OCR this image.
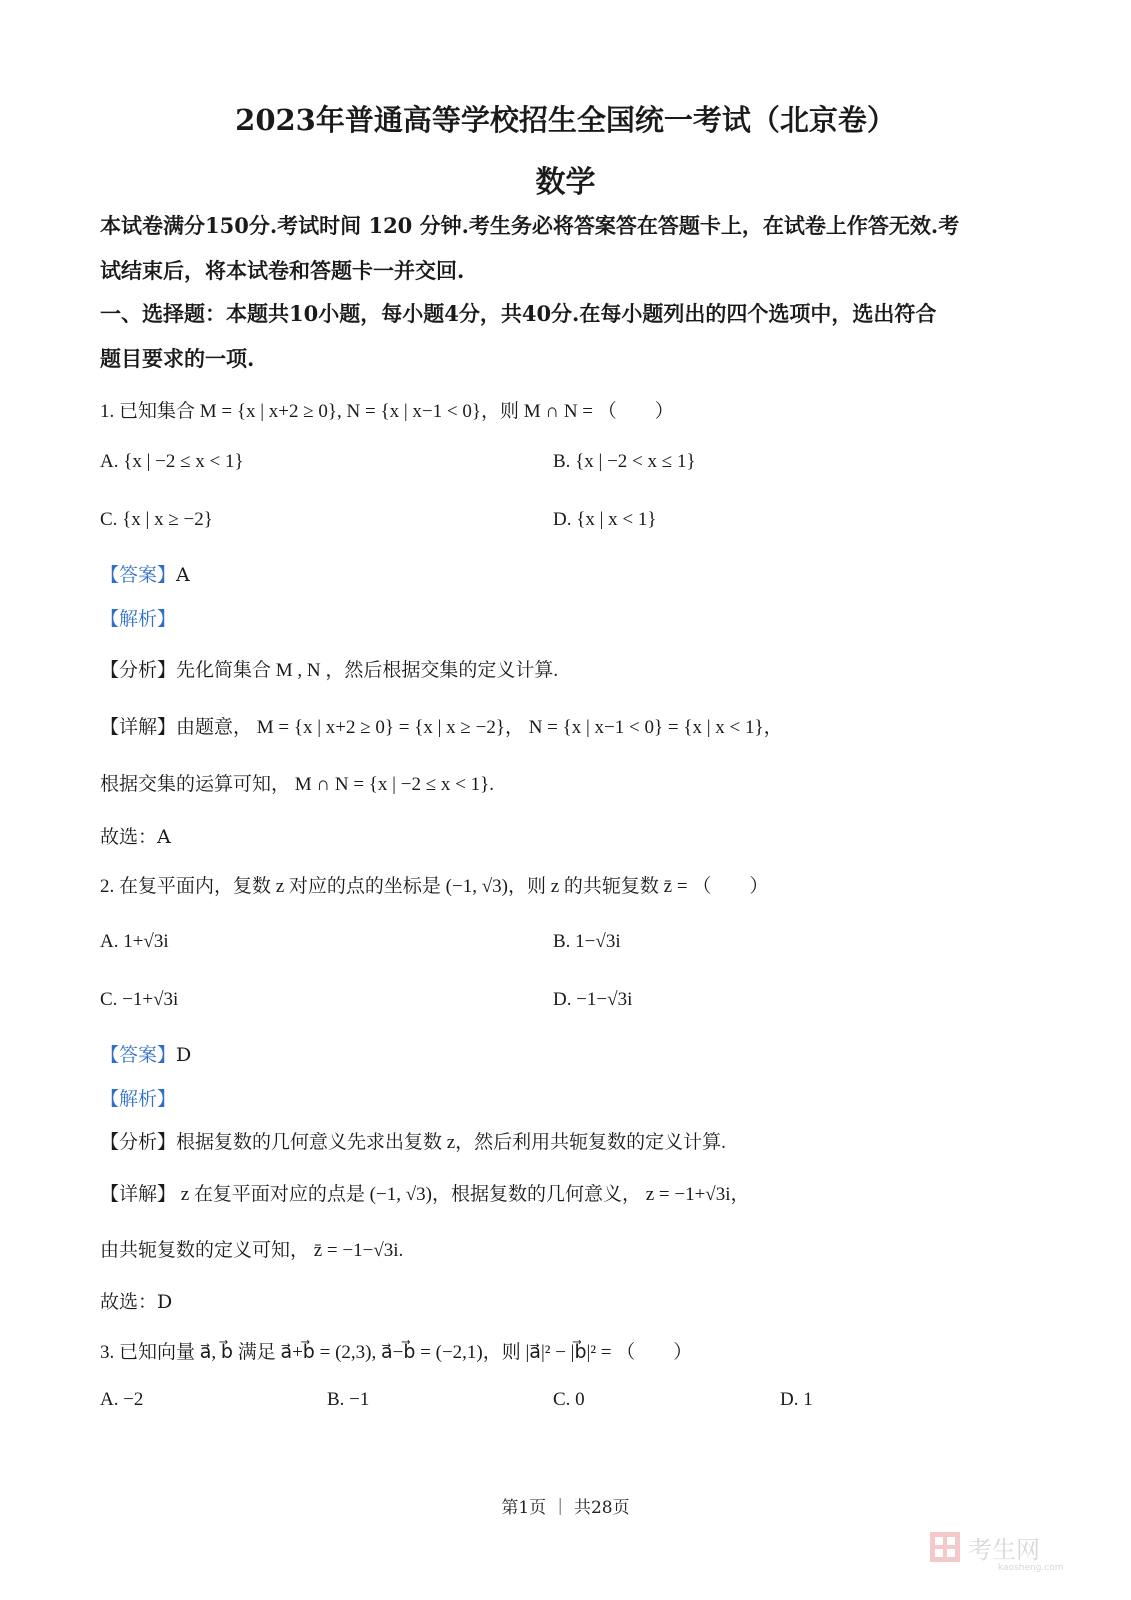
2023年普通高等学校招生全国统一考试（北京卷）
数学
本试卷满分150分.考试时间 120 分钟.考生务必将答案答在答题卡上，在试卷上作答无效.考
试结束后，将本试卷和答题卡一并交回.
一、选择题：本题共10小题，每小题4分，共40分.在每小题列出的四个选项中，选出符合
题目要求的一项.
1. 已知集合 M = {x | x+2 ≥ 0}, N = {x | x−1 < 0}，则 M ∩ N = （　　）
A. {x | −2 ≤ x < 1}	B. {x | −2 < x ≤ 1}
C. {x | x ≥ −2}	D. {x | x < 1}
【答案】A
【解析】
【分析】先化简集合 M , N ，然后根据交集的定义计算.
【详解】由题意， M = {x | x+2 ≥ 0} = {x | x ≥ −2}， N = {x | x−1 < 0} = {x | x < 1}，
根据交集的运算可知， M ∩ N = {x | −2 ≤ x < 1}.
故选：A
2. 在复平面内，复数 z 对应的点的坐标是 (−1, √3)，则 z 的共轭复数 z̄ = （　　）
A. 1+√3i	B. 1−√3i
C. −1+√3i	D. −1−√3i
【答案】D
【解析】
【分析】根据复数的几何意义先求出复数 z，然后利用共轭复数的定义计算.
【详解】 z 在复平面对应的点是 (−1, √3)，根据复数的几何意义， z = −1+√3i，
由共轭复数的定义可知， z̄ = −1−√3i.
故选：D
3. 已知向量 a⃗, b⃗ 满足 a⃗+b⃗ = (2,3), a⃗−b⃗ = (−2,1)，则 |a⃗|² − |b⃗|² = （　　）
A. −2	B. −1	C. 0	D. 1
第1页 ｜ 共28页
考生网
kaosheng.com
